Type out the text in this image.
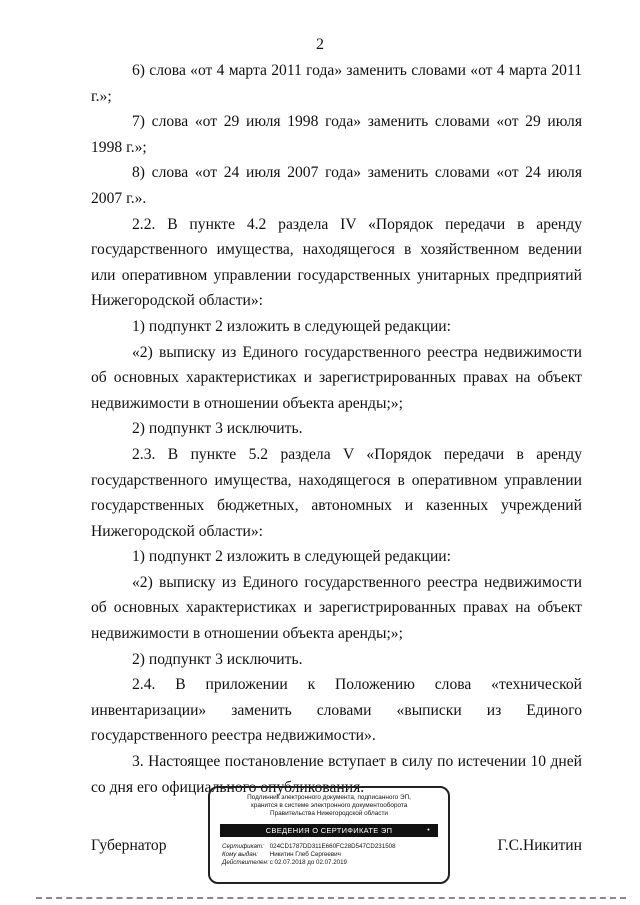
2

6) слова «от 4 марта 2011 года» заменить словами «от 4 марта 2011 г.»;

7) слова «от 29 июля 1998 года» заменить словами «от 29 июля 1998 г.»;

8) слова «от 24 июля 2007 года» заменить словами «от 24 июля 2007 г.».

2.2. В пункте 4.2 раздела IV «Порядок передачи в аренду государственного имущества, находящегося в хозяйственном ведении или оперативном управлении государственных унитарных предприятий Нижегородской области»:

1) подпункт 2 изложить в следующей редакции:

«2) выписку из Единого государственного реестра недвижимости об основных характеристиках и зарегистрированных правах на объект недвижимости в отношении объекта аренды;»;

2) подпункт 3 исключить.

2.3. В пункте 5.2 раздела V «Порядок передачи в аренду государственного имущества, находящегося в оперативном управлении государственных бюджетных, автономных и казенных учреждений Нижегородской области»:

1) подпункт 2 изложить в следующей редакции:

«2) выписку из Единого государственного реестра недвижимости об основных характеристиках и зарегистрированных правах на объект недвижимости в отношении объекта аренды;»;

2) подпункт 3 исключить.

2.4. В приложении к Положению слова «технической инвентаризации» заменить словами «выписки из Единого государственного реестра недвижимости».

3. Настоящее постановление вступает в силу по истечении 10 дней со дня его официального опубликования.

Подлинник электронного документа, подписанного ЭП,
хранится в системе электронного документооборота
Правительства Нижегородской области
СВЕДЕНИЯ О СЕРТИФИКАТЕ ЭП	•
Сертификат: 024CD1787DD311E660FC28D547CD231508
Кому выдан: Никитин Глеб Сергеевич
Действителен: с 02.07.2018 до 02.07.2019
Губернатор	Г.С.Никитин
